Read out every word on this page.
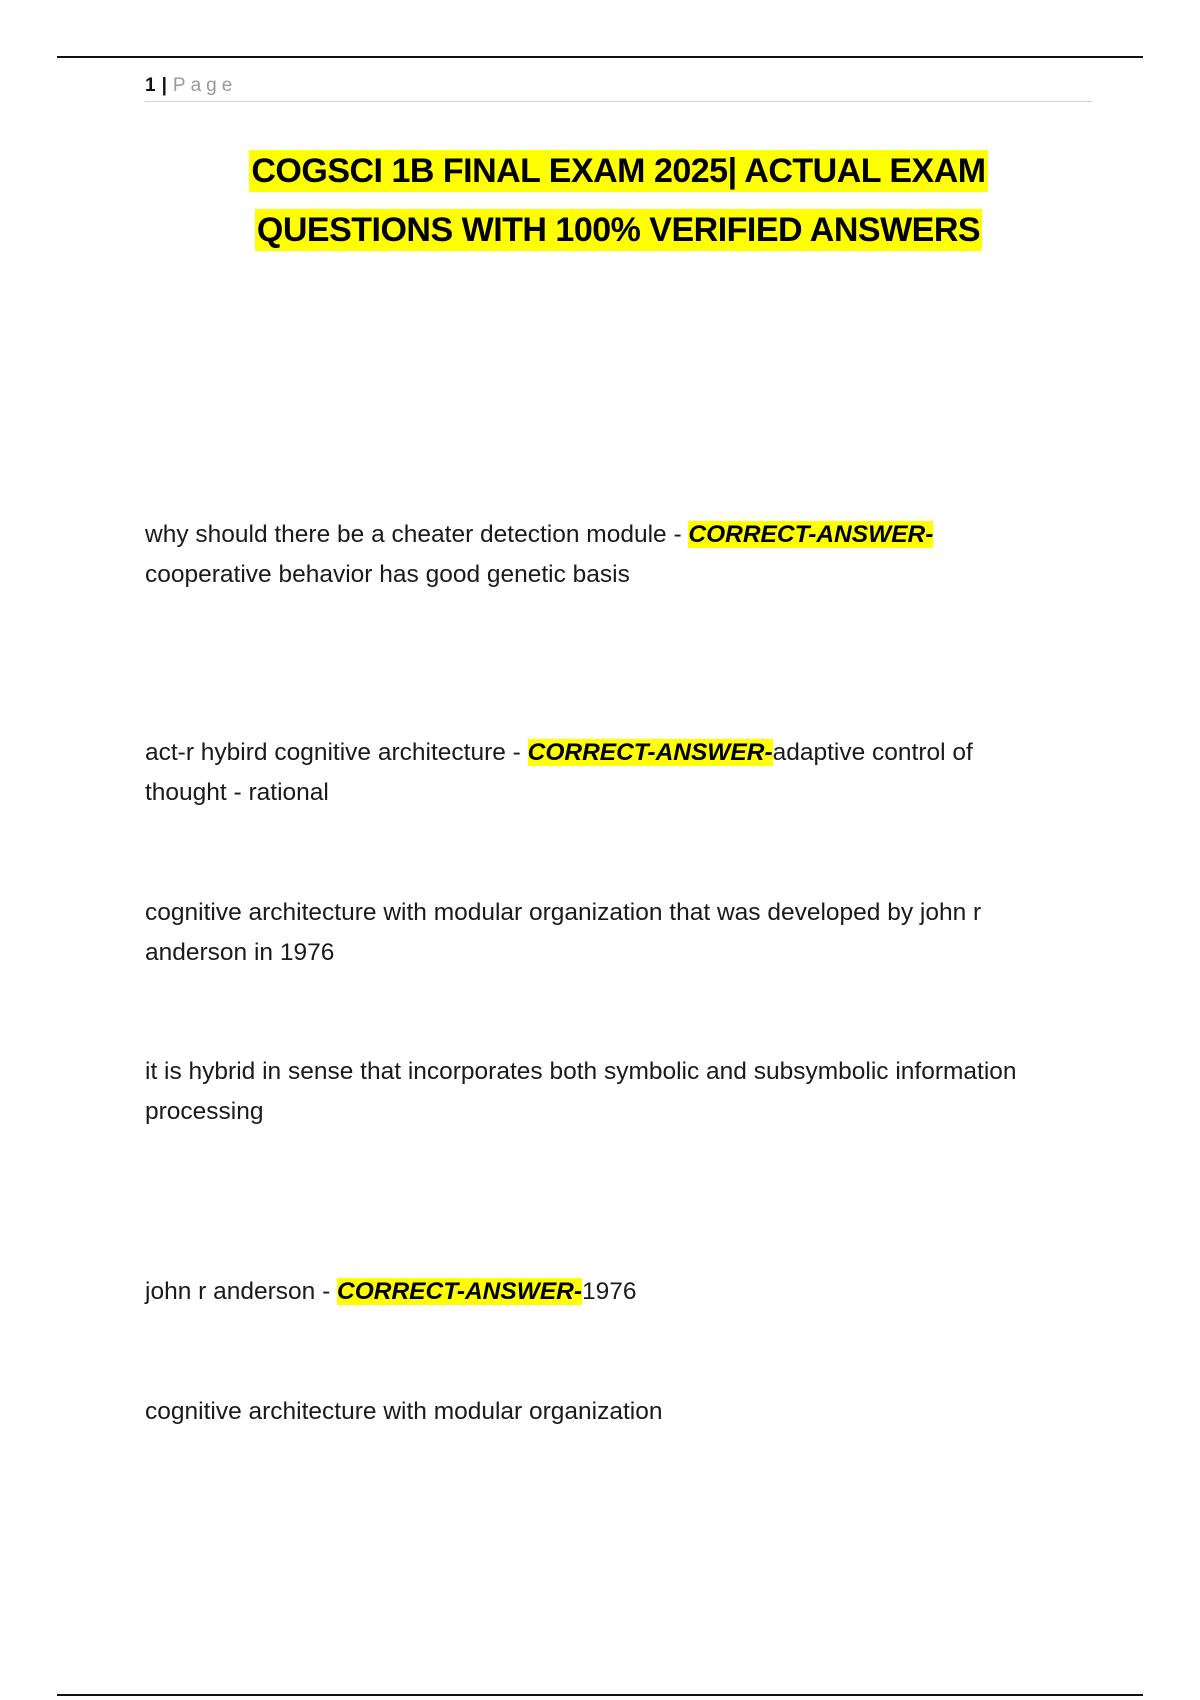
1 | Page
COGSCI 1B FINAL EXAM 2025| ACTUAL EXAM
QUESTIONS WITH 100% VERIFIED ANSWERS

why should there be a cheater detection module - CORRECT-ANSWER-
cooperative behavior has good genetic basis

act-r hybird cognitive architecture - CORRECT-ANSWER-adaptive control of
thought - rational

cognitive architecture with modular organization that was developed by john r anderson in 1976

it is hybrid in sense that incorporates both symbolic and subsymbolic information processing

john r anderson - CORRECT-ANSWER-1976

cognitive architecture with modular organization
